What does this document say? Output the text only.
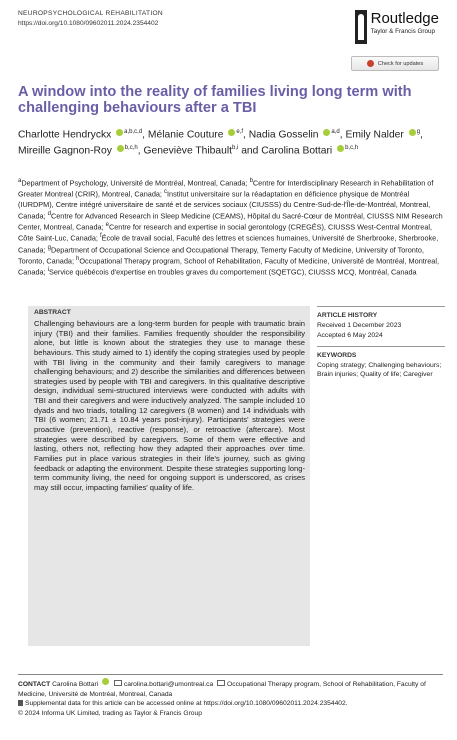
NEUROPSYCHOLOGICAL REHABILITATION
https://doi.org/10.1080/09602011.2024.2354402	Routledge
Taylor & Francis Group
Check for updates
A window into the reality of families living long term with challenging behaviours after a TBI
Charlotte Hendryckx $^{a,b,c,d}$, Mélanie Couture $^{e,f}$, Nadia Gosselin $^{a,d}$, Emily Nalder $^g$, Mireille Gagnon-Roy $^{b,c,h}$, Geneviève Thibault$^{b,i}$ and Carolina Bottari $^{b,c,h}$
$^a$Department of Psychology, Université de Montréal, Montreal, Canada; $^b$Centre for Interdisciplinary Research in Rehabilitation of Greater Montreal (CRIR), Montreal, Canada; $^c$Institut universitaire sur la réadaptation en déficience physique de Montréal (IURDPM), Centre intégré universitaire de santé et de services sociaux (CIUSSS) du Centre-Sud-de-l'Île-de-Montréal, Montreal, Canada; $^d$Centre for Advanced Research in Sleep Medicine (CEAMS), Hôpital du Sacré-Cœur de Montréal, CIUSSS NIM Research Center, Montreal, Canada; $^e$Centre for research and expertise in social gerontology (CREGÉS), CIUSSS West-Central Montreal, Côte Saint-Luc, Canada; $^f$École de travail social, Faculté des lettres et sciences humaines, Université de Sherbrooke, Sherbrooke, Canada; $^g$Department of Occupational Science and Occupational Therapy, Temerty Faculty of Medicine, University of Toronto, Toronto, Canada; $^h$Occupational Therapy program, School of Rehabilitation, Faculty of Medicine, Université de Montréal, Montreal, Canada; $^i$Service québécois d'expertise en troubles graves du comportement (SQETGC), CIUSSS MCQ, Montréal, Canada
ABSTRACT
Challenging behaviours are a long-term burden for people with traumatic brain injury (TBI) and their families. Families frequently shoulder the responsibility alone, but little is known about the strategies they use to manage these behaviours. This study aimed to 1) identify the coping strategies used by people with TBI living in the community and their family caregivers to manage challenging behaviours; and 2) describe the similarities and differences between strategies used by people with TBI and caregivers. In this qualitative descriptive design, individual semi-structured interviews were conducted with adults with TBI and their caregivers and were inductively analyzed. The sample included 10 dyads and two triads, totalling 12 caregivers (8 women) and 14 individuals with TBI (6 women; 21.71 ± 10.84 years post-injury). Participants' strategies were proactive (prevention), reactive (response), or retroactive (aftercare). Most strategies were described by caregivers. Some of them were effective and lasting, others not, reflecting how they adapted their approaches over time. Families put in place various strategies in their life's journey, such as giving feedback or adapting the environment. Despite these strategies supporting long-term community living, the need for ongoing support is underscored, as crises may still occur, impacting families' quality of life.
ARTICLE HISTORY
Received 1 December 2023
Accepted 6 May 2024
KEYWORDS
Coping strategy; Challenging behaviours; Brain injuries; Quality of life; Caregiver
CONTACT Carolina Bottari	carolina.bottari@umontreal.ca Occupational Therapy program, School of Rehabilitation, Faculty of Medicine, Université de Montréal, Montreal, Canada
Supplemental data for this article can be accessed online at https://doi.org/10.1080/09602011.2024.2354402.
© 2024 Informa UK Limited, trading as Taylor & Francis Group
